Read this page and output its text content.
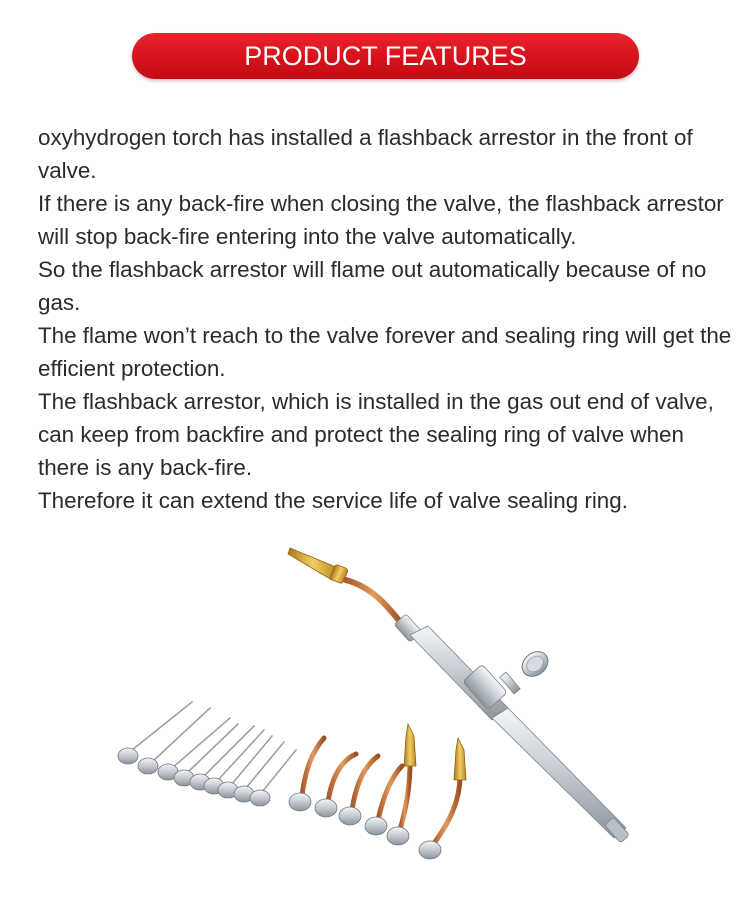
PRODUCT FEATURES

oxyhydrogen torch has installed a flashback arrestor in the front of valve.

If there is any back-fire when closing the valve, the flashback arrestor will stop back-fire entering into the valve automatically.

So the flashback arrestor will flame out automatically because of no gas.

The flame won’t reach to the valve forever and sealing ring will get the efficient protection.

The flashback arrestor, which is installed in the gas out end of valve, can keep from backfire and protect the sealing ring of valve when there is any back-fire.

Therefore it can extend the service life of valve sealing ring.
